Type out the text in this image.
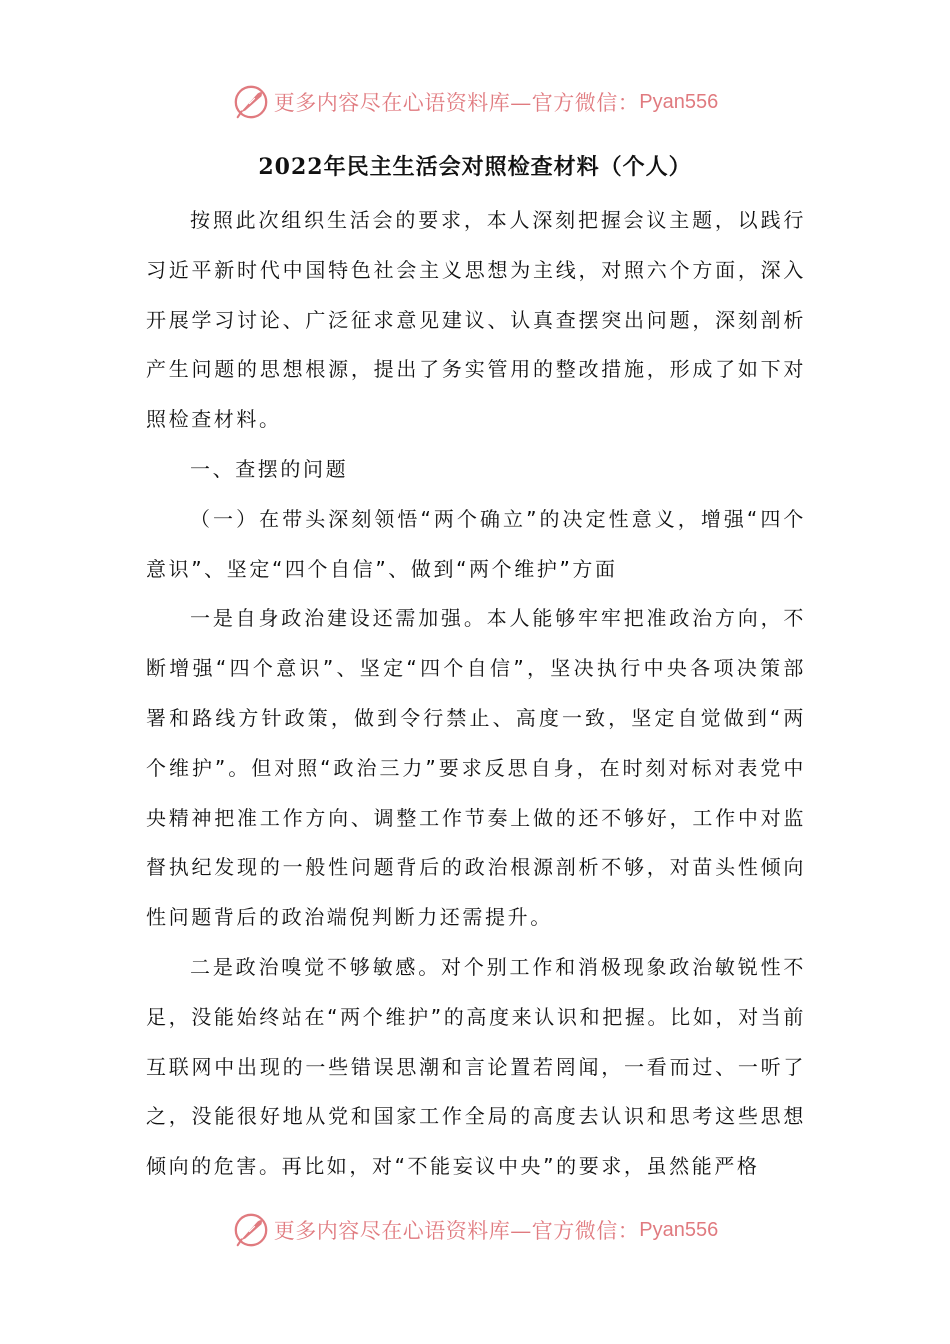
更多内容尽在心语资料库—官方微信： Pyan556
2022年民主生活会对照检查材料（个人）

按照此次组织生活会的要求，本人深刻把握会议主题，以践行习近平新时代中国特色社会主义思想为主线，对照六个方面，深入开展学习讨论、广泛征求意见建议、认真查摆突出问题，深刻剖析产生问题的思想根源，提出了务实管用的整改措施，形成了如下对照检查材料。

一、查摆的问题

（一）在带头深刻领悟“两个确立”的决定性意义，增强“四个意识”、坚定“四个自信”、做到“两个维护”方面

一是自身政治建设还需加强。本人能够牢牢把准政治方向，不断增强“四个意识”、坚定“四个自信”，坚决执行中央各项决策部署和路线方针政策，做到令行禁止、高度一致，坚定自觉做到“两个维护”。但对照“政治三力”要求反思自身，在时刻对标对表党中央精神把准工作方向、调整工作节奏上做的还不够好，工作中对监督执纪发现的一般性问题背后的政治根源剖析不够，对苗头性倾向性问题背后的政治端倪判断力还需提升。

二是政治嗅觉不够敏感。对个别工作和消极现象政治敏锐性不足，没能始终站在“两个维护”的高度来认识和把握。比如，对当前互联网中出现的一些错误思潮和言论置若罔闻，一看而过、一听了之，没能很好地从党和国家工作全局的高度去认识和思考这些思想倾向的危害。再比如，对“不能妄议中央”的要求，虽然能严格

更多内容尽在心语资料库—官方微信： Pyan556
